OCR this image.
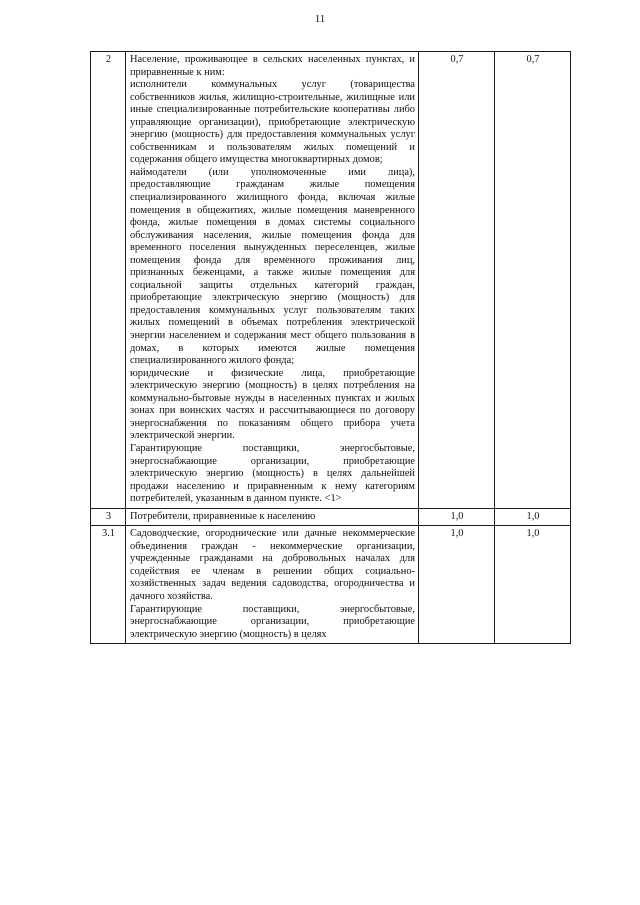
11
2	Население, проживающее в сельских населенных пунктах, и приравненные к ним:

исполнители коммунальных услуг (товарищества собственников жилья, жилищно-строительные, жилищные или иные специализированные потребительские кооперативы либо управляющие организации), приобретающие электрическую энергию (мощность) для предоставления коммунальных услуг собственникам и пользователям жилых помещений и содержания общего имущества многоквартирных домов;

наймодатели (или уполномоченные ими лица), предоставляющие гражданам жилые помещения специализированного жилищного фонда, включая жилые помещения в общежитиях, жилые помещения маневренного фонда, жилые помещения в домах системы социального обслуживания населения, жилые помещения фонда для временного поселения вынужденных переселенцев, жилые помещения фонда для временного проживания лиц, признанных беженцами, а также жилые помещения для социальной защиты отдельных категорий граждан, приобретающие электрическую энергию (мощность) для предоставления коммунальных услуг пользователям таких жилых помещений в объемах потребления электрической энергии населением и содержания мест общего пользования в домах, в которых имеются жилые помещения специализированного жилого фонда;

юридические и физические лица, приобретающие электрическую энергию (мощность) в целях потребления на коммунально-бытовые нужды в населенных пунктах и жилых зонах при воинских частях и рассчитывающиеся по договору энергоснабжения по показаниям общего прибора учета электрической энергии.

Гарантирующие поставщики, энергосбытовые, энергоснабжающие организации, приобретающие электрическую энергию (мощность) в целях дальнейшей продажи населению и приравненным к нему категориям потребителей, указанным в данном пункте. <1>	0,7	0,7
3	Потребители, приравненные к населению	1,0	1,0
3.1	Садоводческие, огороднические или дачные некоммерческие объединения граждан - некоммерческие организации, учрежденные гражданами на добровольных началах для содействия ее членам в решении общих социально-хозяйственных задач ведения садоводства, огородничества и дачного хозяйства.

Гарантирующие поставщики, энергосбытовые, энергоснабжающие организации, приобретающие электрическую энергию (мощность) в целях	1,0	1,0
